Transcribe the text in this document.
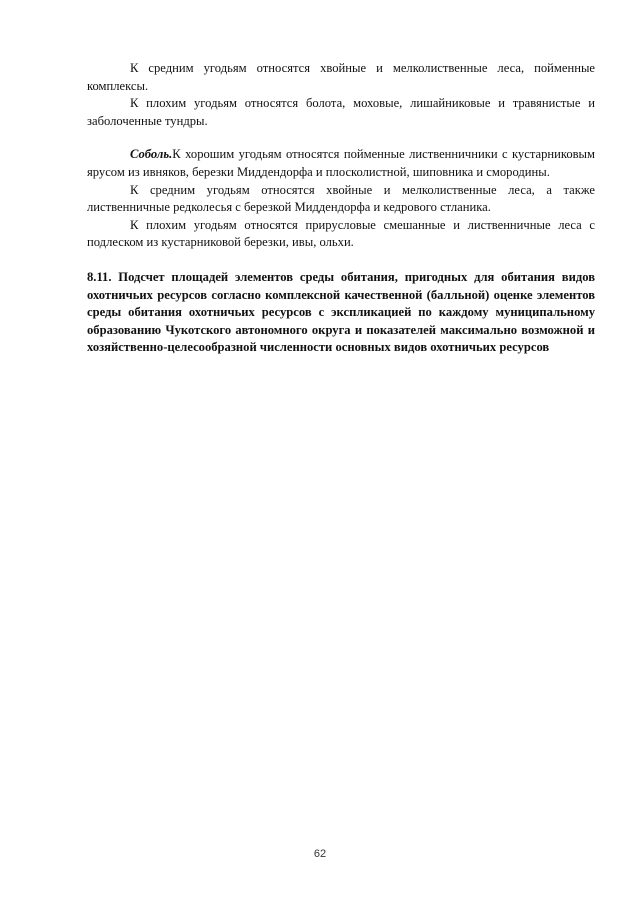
К средним угодьям относятся хвойные и мелколиственные леса, пойменные комплексы.

К плохим угодьям относятся болота, моховые, лишайниковые и травянистые и заболоченные тундры.

Соболь.К хорошим угодьям относятся пойменные лиственничники с кустарниковым ярусом из ивняков, березки Миддендорфа и плосколистной, шиповника и смородины.

К средним угодьям относятся хвойные и мелколиственные леса, а также лиственничные редколесья с березкой Миддендорфа и кедрового стланика.

К плохим угодьям относятся прирусловые смешанные и лиственничные леса с подлеском из кустарниковой березки, ивы, ольхи.

8.11. Подсчет площадей элементов среды обитания, пригодных для обитания видов охотничьих ресурсов согласно комплексной качественной (балльной) оценке элементов среды обитания охотничьих ресурсов с экспликацией по каждому муниципальному образованию Чукотского автономного округа и показателей максимально возможной и хозяйственно-целесообразной численности основных видов охотничьих ресурсов

62
